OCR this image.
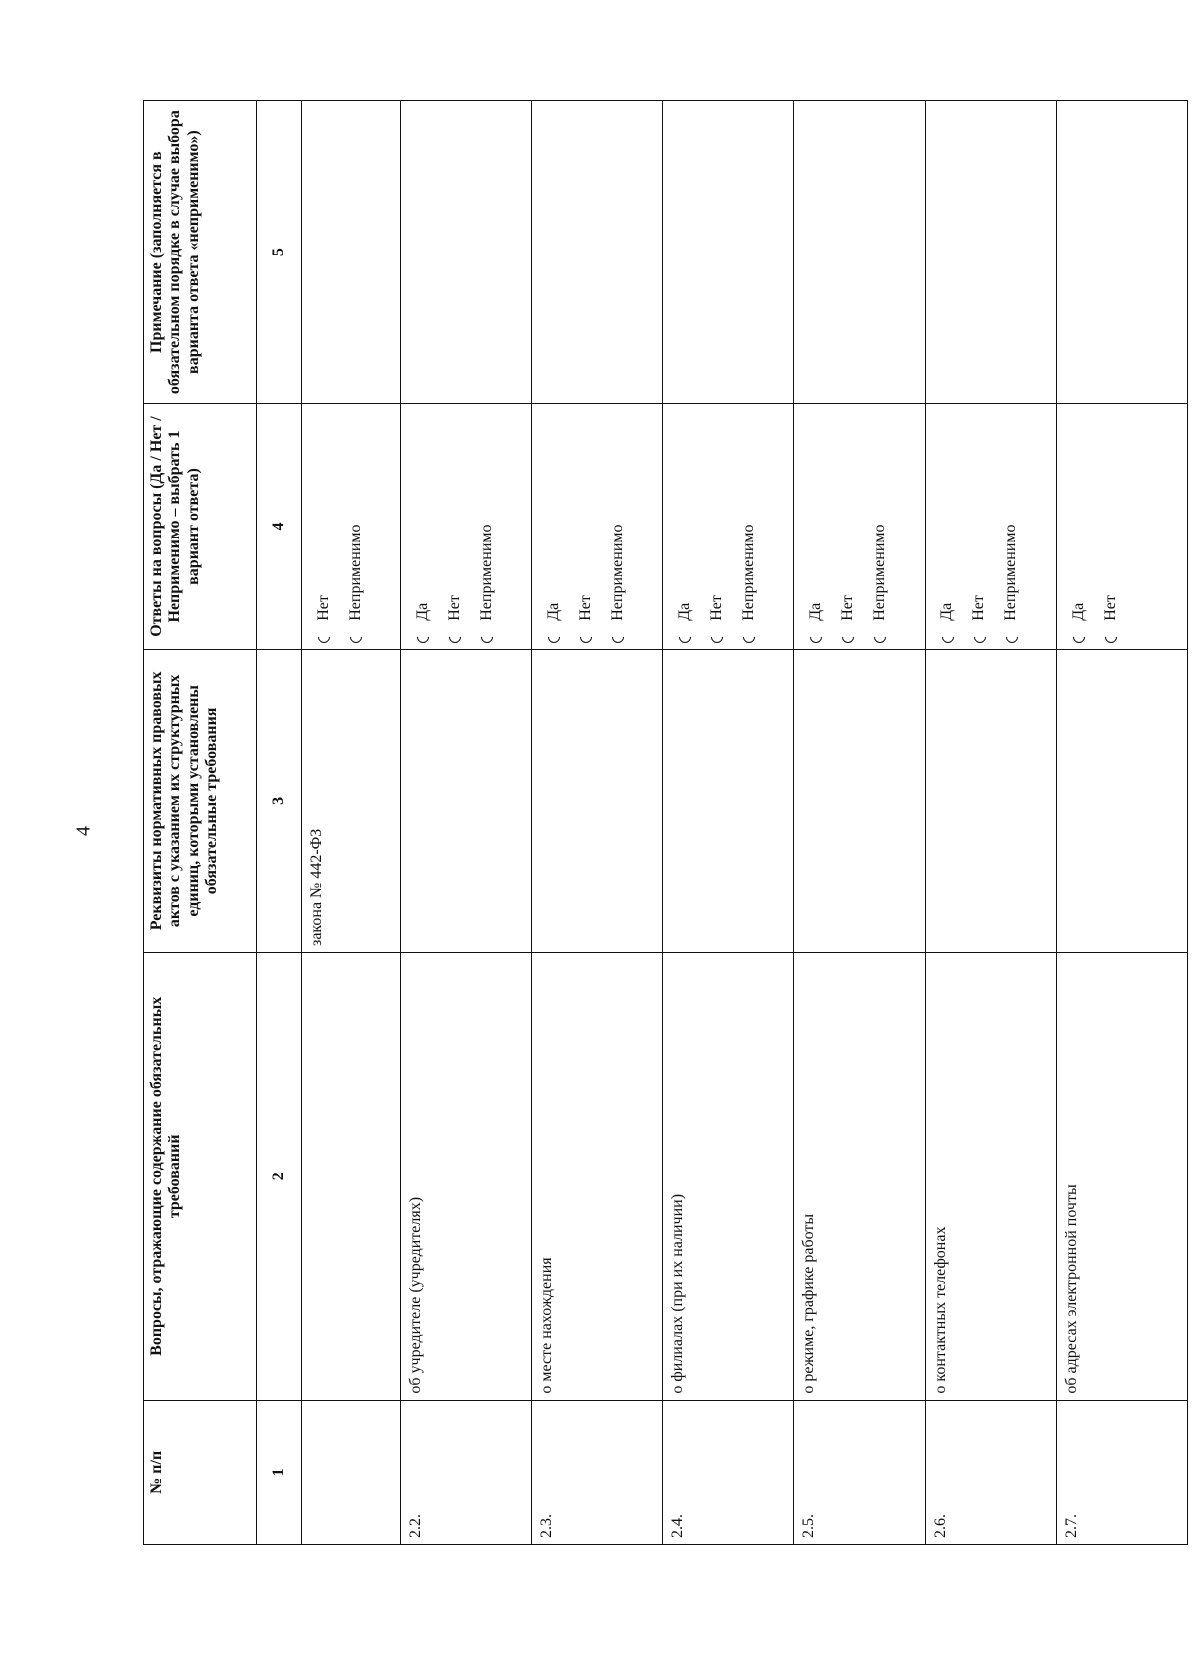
4
№ п/п	Вопросы, отражающие содержание обязательных требований	Реквизиты нормативных правовых актов с указанием их структурных единиц, которыми установлены обязательные требования	Ответы на вопросы (Да / Нет / Неприменимо – выбрать 1 вариант ответа)	Примечание (заполняется в обязательном порядке в случае выбора варианта ответа «неприменимо»)
1	2	3	4	5
		закона № 442-ФЗ	Нет Неприменимо	

2.2.	об учредителе (учредителях)		Да Нет Неприменимо	

2.3.	о месте нахождения		Да Нет Неприменимо	

2.4.	о филиалах (при их наличии)		Да Нет Неприменимо	

2.5.	о режиме, графике работы		Да Нет Неприменимо	

2.6.	о контактных телефонах		Да Нет Неприменимо	

2.7.	об адресах электронной почты		Да Нет	
